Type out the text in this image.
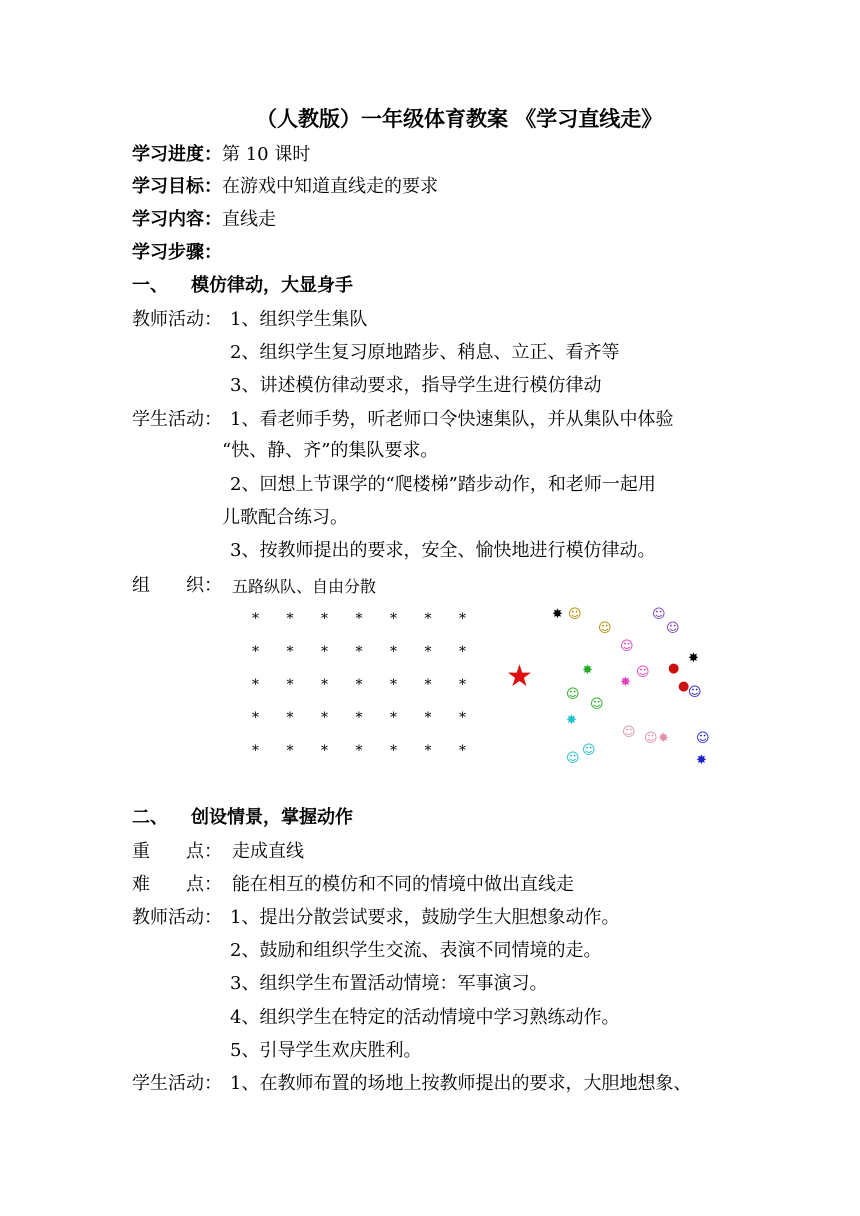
（人教版）一年级体育教案 《学习直线走》
学习进度：第 10 课时
学习目标：在游戏中知道直线走的要求
学习内容：直线走
学习步骤：
一、 模仿律动，大显身手
教师活动： 1、组织学生集队
2、组织学生复习原地踏步、稍息、立正、看齐等
3、讲述模仿律动要求，指导学生进行模仿律动
学生活动： 1、看老师手势，听老师口令快速集队，并从集队中体验
“快、静、齐”的集队要求。
2、回想上节课学的“爬楼梯”踏步动作，和老师一起用
儿歌配合练习。
3、按教师提出的要求，安全、愉快地进行模仿律动。
组　　织： 五路纵队、自由分散
* * * * * * *
* * * * * * *
* * * * * * *
* * * * * * *
* * * * * * *
★
✸ ☺
☺
☺
☺
☺
✸	☺
✸
●
●
✸
☺
☺
☺
✸
☺ ☺ ✸ ☺
☺
☺
✸
二、 创设情景，掌握动作
重　　点： 走成直线
难　　点： 能在相互的模仿和不同的情境中做出直线走
教师活动： 1、提出分散尝试要求，鼓励学生大胆想象动作。
2、鼓励和组织学生交流、表演不同情境的走。
3、组织学生布置活动情境：军事演习。
4、组织学生在特定的活动情境中学习熟练动作。
5、引导学生欢庆胜利。
学生活动： 1、在教师布置的场地上按教师提出的要求，大胆地想象、
